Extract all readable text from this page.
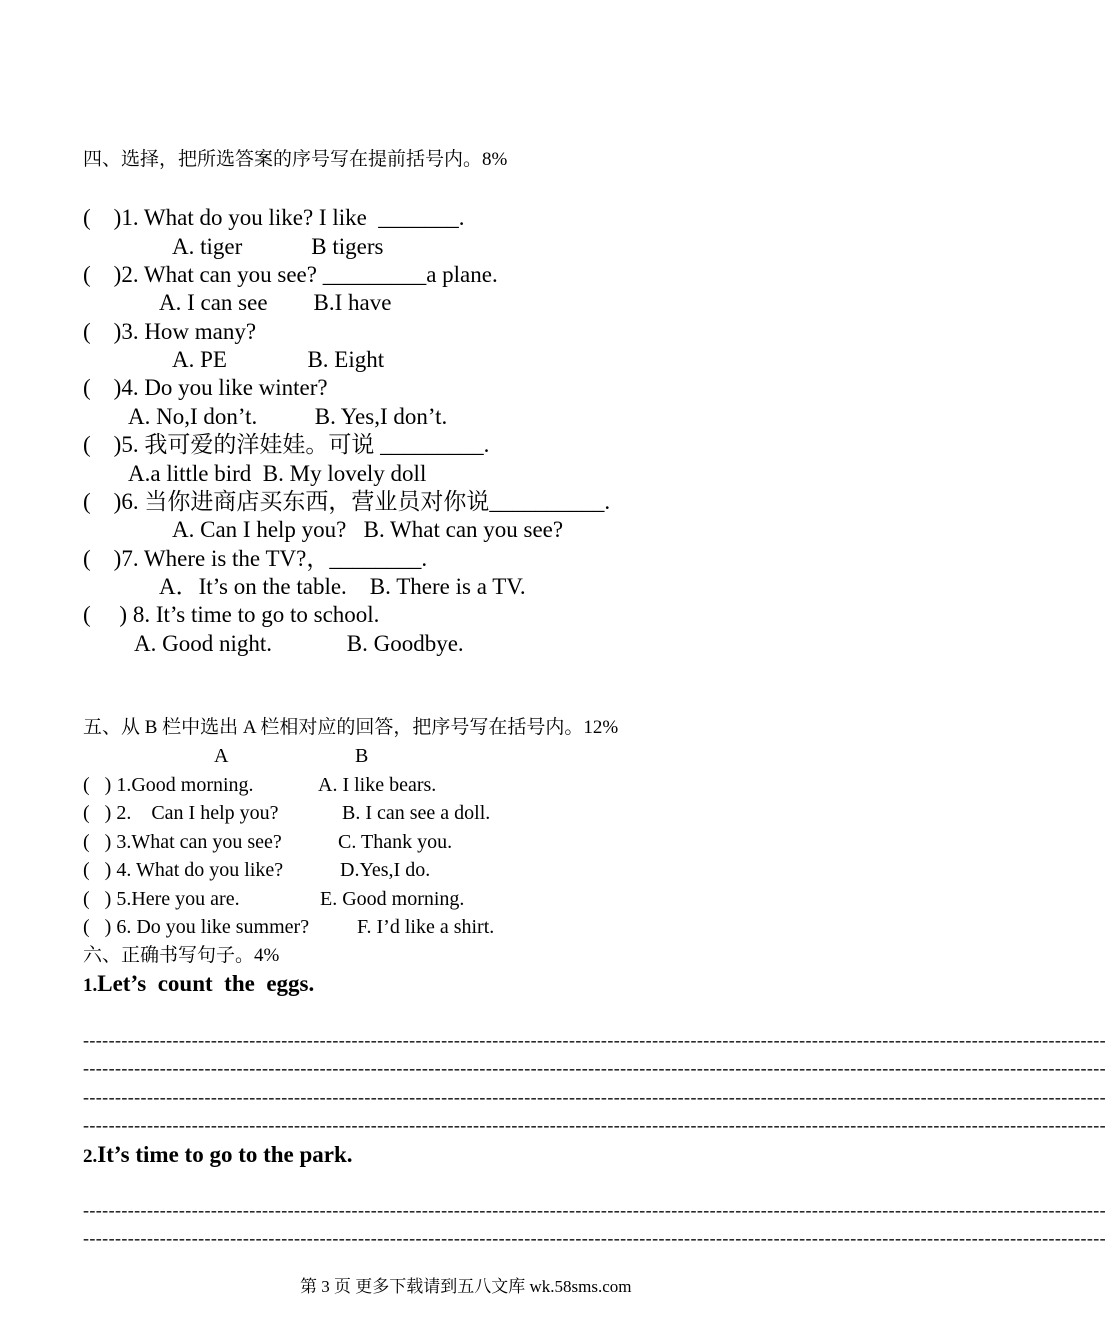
四、选择，把所选答案的序号写在提前括号内。8%
(    )1. What do you like? I like  _______.
A. tiger            B tigers
(    )2. What can you see? _________a plane.
A. I can see        B.I have
(    )3. How many?
A. PE              B. Eight
(    )4. Do you like winter?
A. No,I don’t.          B. Yes,I don’t.
(    )5. 我可爱的洋娃娃。可说 _________.
A.a little bird  B. My lovely doll
(    )6. 当你进商店买东西，营业员对你说__________.
A. Can I help you?   B. What can you see?
(    )7. Where is the TV?，________.
A．It’s on the table.    B. There is a TV.
(     ) 8. It’s time to go to school.
A. Good night.             B. Goodbye.
五、从 B 栏中选出 A 栏相对应的回答，把序号写在括号内。12%
A	B
(   ) 1.Good morning.	A. I like bears.
(   ) 2.    Can I help you?	B. I can see a doll.
(   ) 3.What can you see?	C. Thank you.
(   ) 4. What do you like?	D.Yes,I do.
(   ) 5.Here you are.	E. Good morning.
(   ) 6. Do you like summer? F. I’d like a shirt.
六、正确书写句子。4%
1.Let’s  count  the  eggs.
----------------------------------------------------------------------------------------------------------------------------------------------------------------
----------------------------------------------------------------------------------------------------------------------------------------------------------------
----------------------------------------------------------------------------------------------------------------------------------------------------------------
----------------------------------------------------------------------------------------------------------------------------------------------------------------
2.It’s time to go to the park.
----------------------------------------------------------------------------------------------------------------------------------------------------------------
----------------------------------------------------------------------------------------------------------------------------------------------------------------
第 3 页 更多下载请到五八文库 wk.58sms.com
